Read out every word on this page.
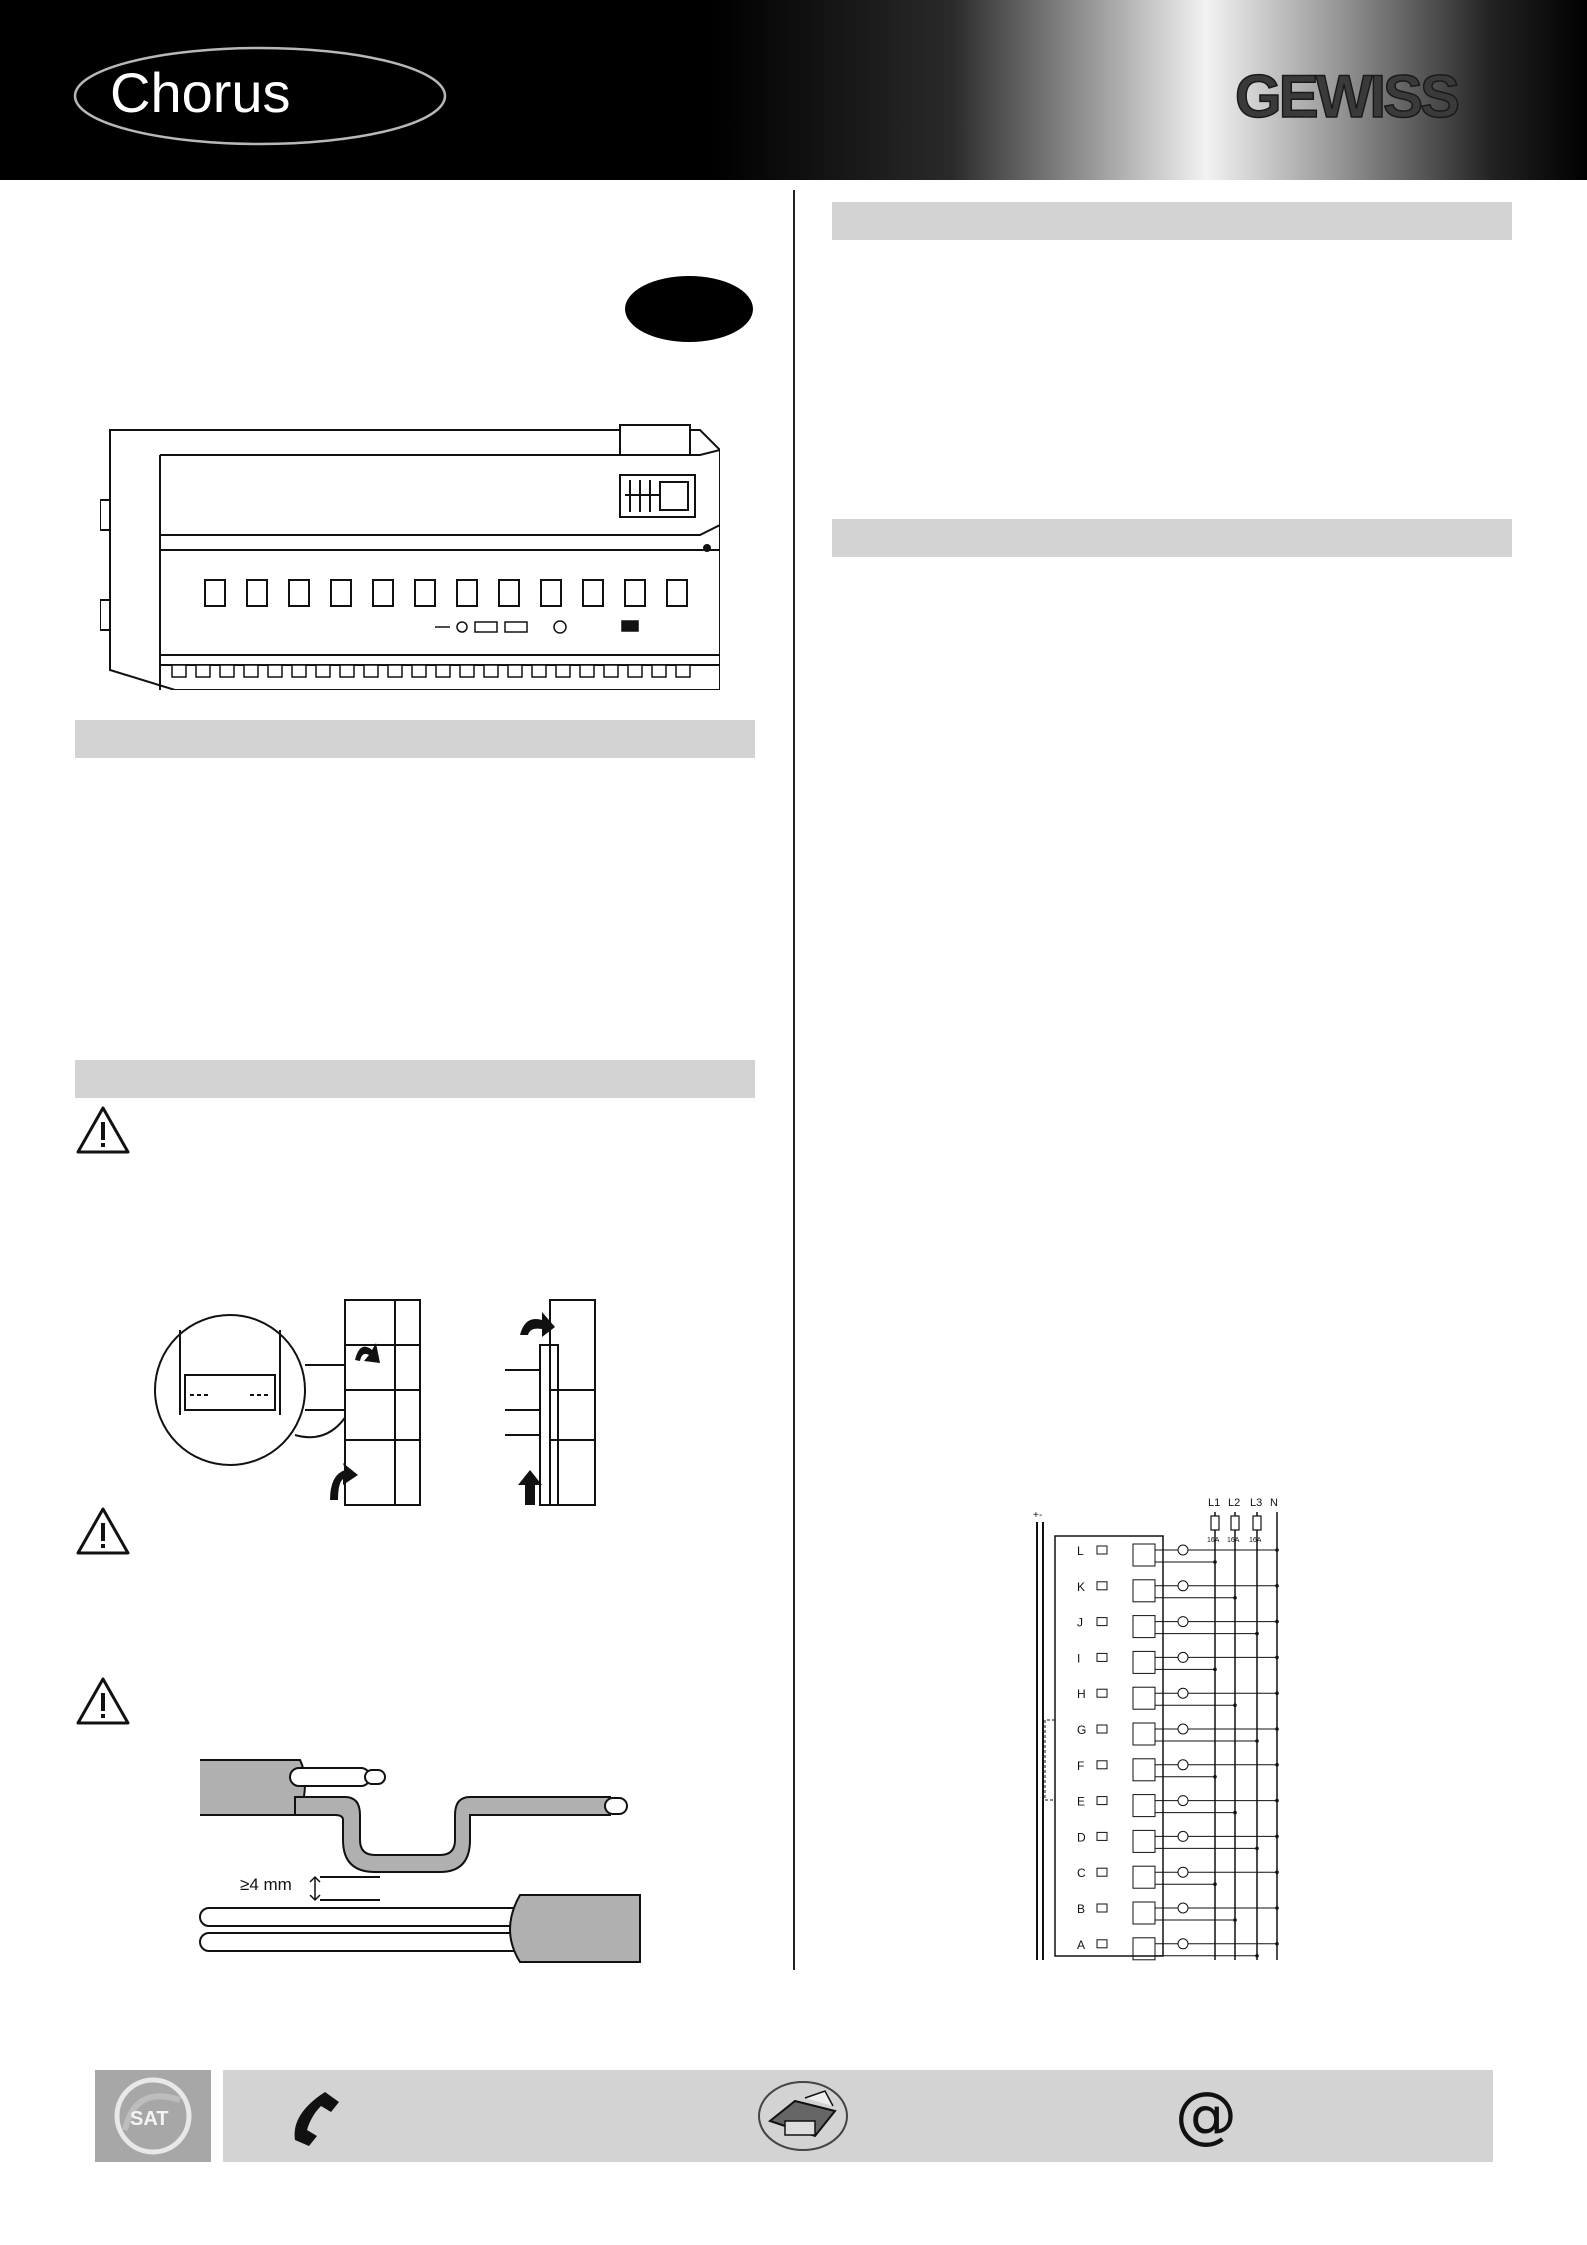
Chorus	GEWISS
≥4 mm
+ -
L1 L2 L3 N
16A 16A 16A
L
K
J
I
H
G
F
E
D
C
B
A
SAT	@
